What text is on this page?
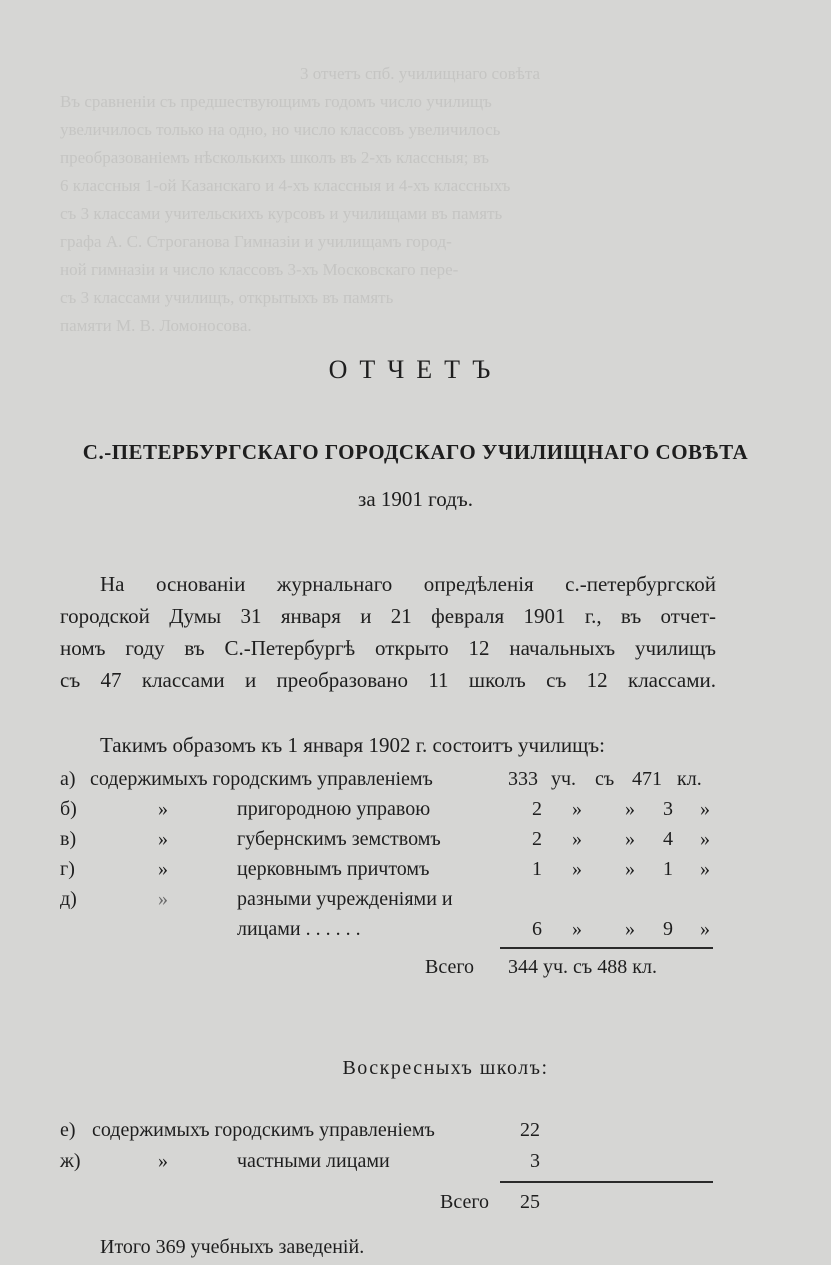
3 отчетъ спб. училищнаго совѣта
Въ сравненіи съ предшествующимъ годомъ число училищъ
увеличилось только на одно, но число классовъ увеличилось
преобразованіемъ нѣсколькихъ школъ въ 2-хъ классныя; въ
6 классныя 1-ой Казанскаго и 4-хъ классныя и 4-хъ классныхъ
съ 3 классами учительскихъ курсовъ и училищами въ память
графа А. С. Строганова Гимназіи и училищамъ город-
ной гимназіи и число классовъ 3-хъ Московскаго пере-
съ 3 классами училищъ, открытыхъ въ память
памяти М. В. Ломоносова.
ОТЧЕТЪ
С.-ПЕТЕРБУРГСКАГО ГОРОДСКАГО УЧИЛИЩНАГО СОВѢТА
за 1901 годъ.
На основаніи журнальнаго опредѣленія с.-петербургской
городской Думы 31 января и 21 февраля 1901 г., въ отчет-
номъ году въ С.-Петербургѣ открыто 12 начальныхъ училищъ
съ 47 классами и преобразовано 11 школъ съ 12 классами.
Такимъ образомъ къ 1 января 1902 г. состоитъ училищъ:
а) содержимыхъ городскимъ управленіемъ	333 уч. съ 471 кл.
б)	»	пригородною управою	2 » » 3 »
в)	»	губернскимъ земствомъ	2 » » 4 »
г)	»	церковнымъ причтомъ	1 » » 1 »
д)	»	разными учрежденіями и
лицами . . . . . .	6 » » 9 »
Всего 344 уч. съ 488 кл.
Воскресныхъ школъ:
е) содержимыхъ городскимъ управленіемъ	22
ж)	»	частными лицами	3
Всего 25
Итого 369 учебныхъ заведеній.
